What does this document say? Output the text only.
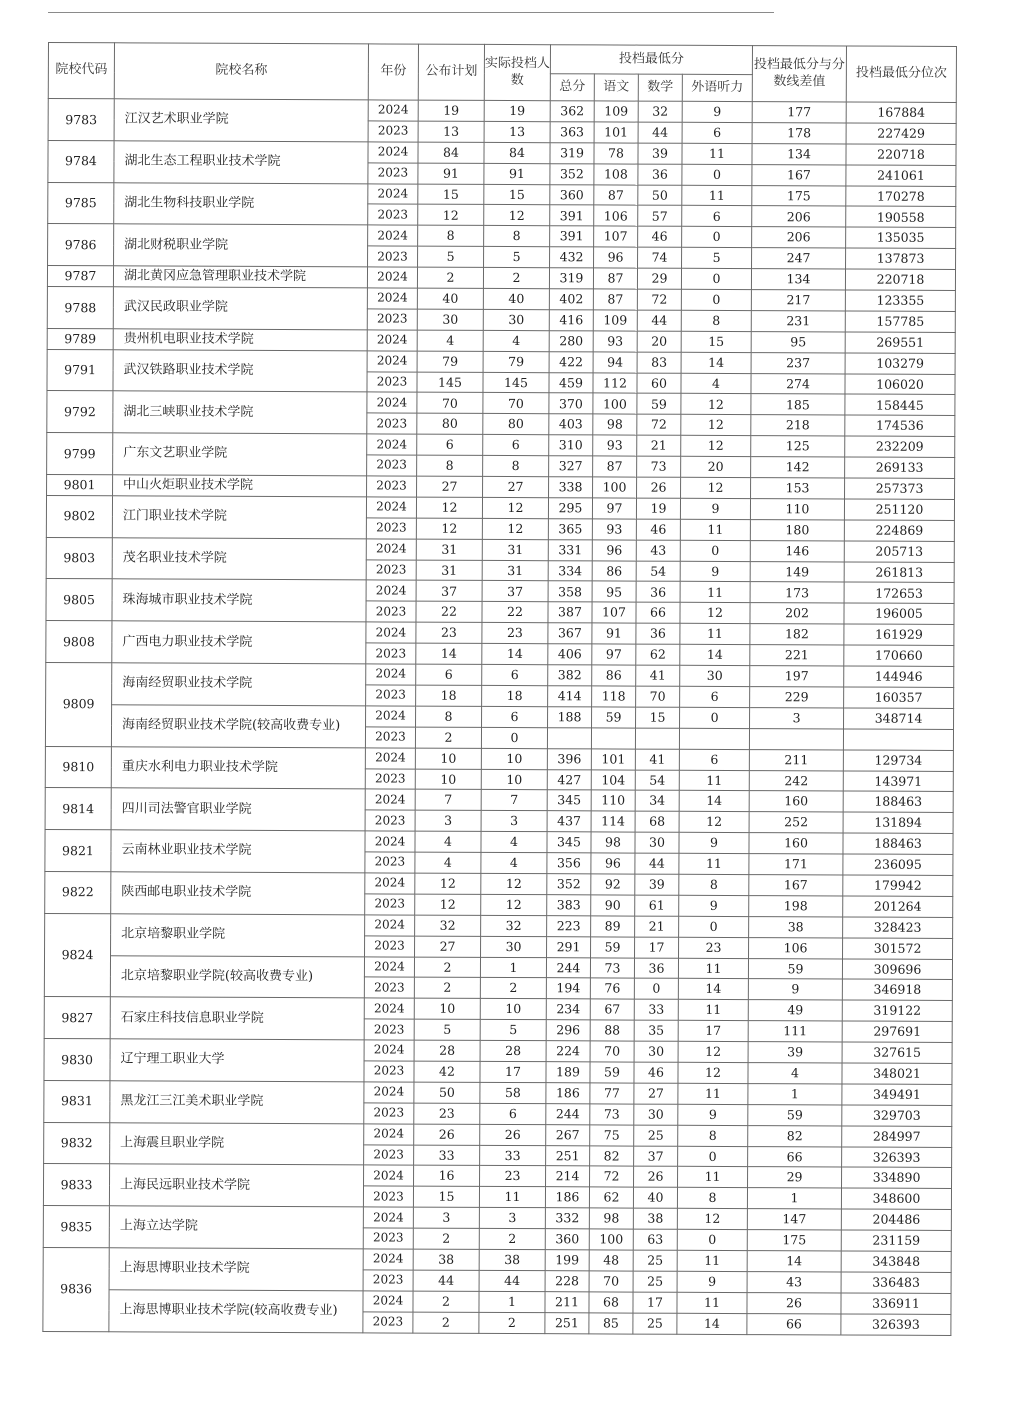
院校代码	院校名称	年份	公布计划	实际投档人数	投档最低分				投档最低分与分数线差值	投档最低分位次
					总分	语文	数学	外语听力		
9783	江汉艺术职业学院	2024	19	19	362	109	32	9	177	167884
		2023	13	13	363	101	44	6	178	227429
9784	湖北生态工程职业技术学院	2024	84	84	319	78	39	11	134	220718
		2023	91	91	352	108	36	0	167	241061
9785	湖北生物科技职业学院	2024	15	15	360	87	50	11	175	170278
		2023	12	12	391	106	57	6	206	190558
9786	湖北财税职业学院	2024	8	8	391	107	46	0	206	135035
		2023	5	5	432	96	74	5	247	137873
9787	湖北黄冈应急管理职业技术学院	2024	2	2	319	87	29	0	134	220718
9788	武汉民政职业学院	2024	40	40	402	87	72	0	217	123355
		2023	30	30	416	109	44	8	231	157785
9789	贵州机电职业技术学院	2024	4	4	280	93	20	15	95	269551
9791	武汉铁路职业技术学院	2024	79	79	422	94	83	14	237	103279
		2023	145	145	459	112	60	4	274	106020
9792	湖北三峡职业技术学院	2024	70	70	370	100	59	12	185	158445
		2023	80	80	403	98	72	12	218	174536
9799	广东文艺职业学院	2024	6	6	310	93	21	12	125	232209
		2023	8	8	327	87	73	20	142	269133
9801	中山火炬职业技术学院	2023	27	27	338	100	26	12	153	257373
9802	江门职业技术学院	2024	12	12	295	97	19	9	110	251120
		2023	12	12	365	93	46	11	180	224869
9803	茂名职业技术学院	2024	31	31	331	96	43	0	146	205713
		2023	31	31	334	86	54	9	149	261813
9805	珠海城市职业技术学院	2024	37	37	358	95	36	11	173	172653
		2023	22	22	387	107	66	12	202	196005
9808	广西电力职业技术学院	2024	23	23	367	91	36	11	182	161929
		2023	14	14	406	97	62	14	221	170660
9809	海南经贸职业技术学院	2024	6	6	382	86	41	30	197	144946
		2023	18	18	414	118	70	6	229	160357
	海南经贸职业技术学院(较高收费专业)	2024	8	6	188	59	15	0	3	348714
		2023	2	0						
9810	重庆水利电力职业技术学院	2024	10	10	396	101	41	6	211	129734
		2023	10	10	427	104	54	11	242	143971
9814	四川司法警官职业学院	2024	7	7	345	110	34	14	160	188463
		2023	3	3	437	114	68	12	252	131894
9821	云南林业职业技术学院	2024	4	4	345	98	30	9	160	188463
		2023	4	4	356	96	44	11	171	236095
9822	陕西邮电职业技术学院	2024	12	12	352	92	39	8	167	179942
		2023	12	12	383	90	61	9	198	201264
9824	北京培黎职业学院	2024	32	32	223	89	21	0	38	328423
		2023	27	30	291	59	17	23	106	301572
	北京培黎职业学院(较高收费专业)	2024	2	1	244	73	36	11	59	309696
		2023	2	2	194	76	0	14	9	346918
9827	石家庄科技信息职业学院	2024	10	10	234	67	33	11	49	319122
		2023	5	5	296	88	35	17	111	297691
9830	辽宁理工职业大学	2024	28	28	224	70	30	12	39	327615
		2023	42	17	189	59	46	12	4	348021
9831	黑龙江三江美术职业学院	2024	50	58	186	77	27	11	1	349491
		2023	23	6	244	73	30	9	59	329703
9832	上海震旦职业学院	2024	26	26	267	75	25	8	82	284997
		2023	33	33	251	82	37	0	66	326393
9833	上海民远职业技术学院	2024	16	23	214	72	26	11	29	334890
		2023	15	11	186	62	40	8	1	348600
9835	上海立达学院	2024	3	3	332	98	38	12	147	204486
		2023	2	2	360	100	63	0	175	231159
9836	上海思博职业技术学院	2024	38	38	199	48	25	11	14	343848
		2023	44	44	228	70	25	9	43	336483
	上海思博职业技术学院(较高收费专业)	2024	2	1	211	68	17	11	26	336911
		2023	2	2	251	85	25	14	66	326393
